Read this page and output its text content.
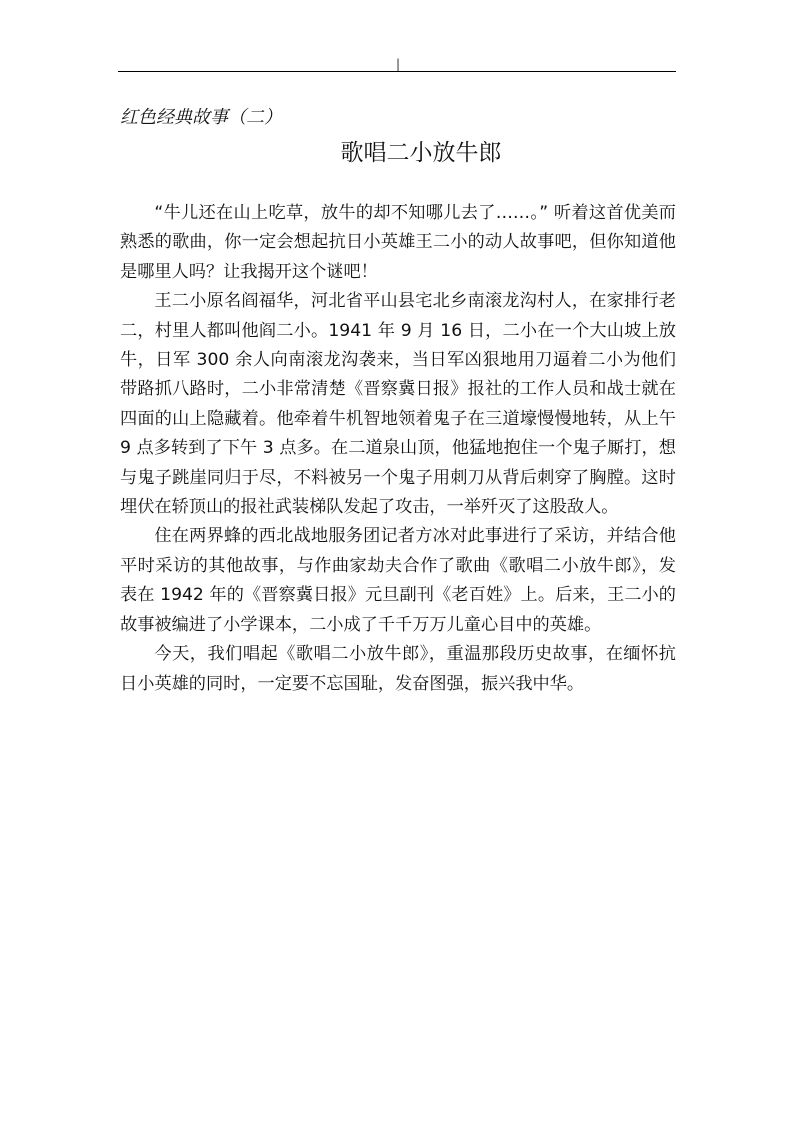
|
红色经典故事（二）
歌唱二小放牛郎

“牛儿还在山上吃草，放牛的却不知哪儿去了……。” 听着这首优美而熟悉的歌曲，你一定会想起抗日小英雄王二小的动人故事吧，但你知道他是哪里人吗？让我揭开这个谜吧！

王二小原名阎福华，河北省平山县宅北乡南滚龙沟村人，在家排行老二，村里人都叫他阎二小。1941 年 9 月 16 日，二小在一个大山坡上放牛，日军 300 余人向南滚龙沟袭来，当日军凶狠地用刀逼着二小为他们带路抓八路时，二小非常清楚《晋察冀日报》报社的工作人员和战士就在四面的山上隐藏着。他牵着牛机智地领着鬼子在三道壕慢慢地转，从上午 9 点多转到了下午 3 点多。在二道泉山顶，他猛地抱住一个鬼子厮打，想与鬼子跳崖同归于尽，不料被另一个鬼子用刺刀从背后刺穿了胸膛。这时埋伏在轿顶山的报社武装梯队发起了攻击，一举歼灭了这股敌人。

住在两界蜂的西北战地服务团记者方冰对此事进行了采访，并结合他平时采访的其他故事，与作曲家劫夫合作了歌曲《歌唱二小放牛郎》，发表在 1942 年的《晋察冀日报》元旦副刊《老百姓》上。后来，王二小的故事被编进了小学课本，二小成了千千万万儿童心目中的英雄。

今天，我们唱起《歌唱二小放牛郎》，重温那段历史故事，在缅怀抗日小英雄的同时，一定要不忘国耻，发奋图强，振兴我中华。
